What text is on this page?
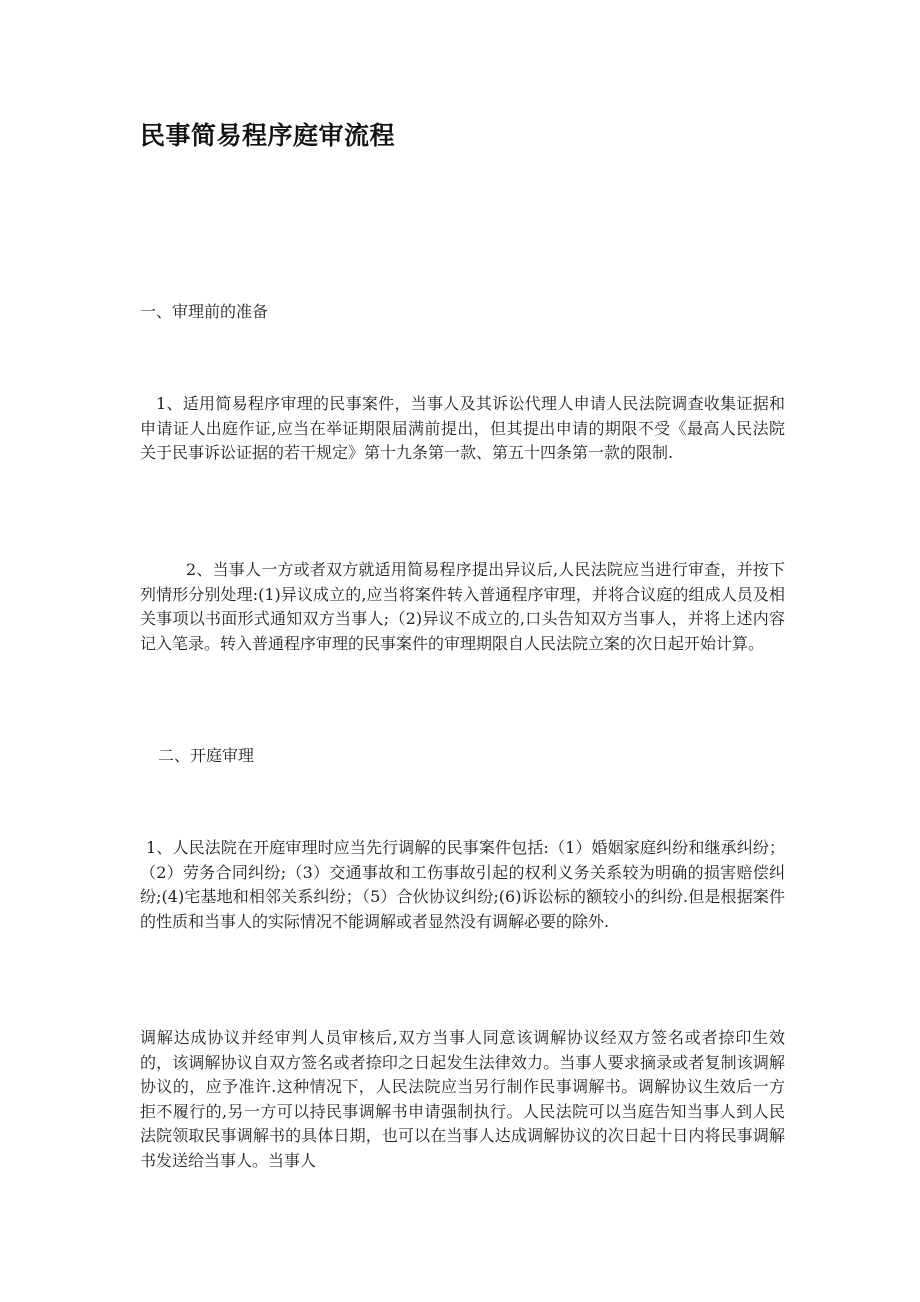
民事简易程序庭审流程

一、审理前的准备

1、适用简易程序审理的民事案件，当事人及其诉讼代理人申请人民法院调查收集证据和申请证人出庭作证,应当在举证期限届满前提出，但其提出申请的期限不受《最高人民法院关于民事诉讼证据的若干规定》第十九条第一款、第五十四条第一款的限制.

2、当事人一方或者双方就适用简易程序提出异议后,人民法院应当进行审查，并按下列情形分别处理:(1)异议成立的,应当将案件转入普通程序审理，并将合议庭的组成人员及相关事项以书面形式通知双方当事人;（2)异议不成立的,口头告知双方当事人，并将上述内容记入笔录。转入普通程序审理的民事案件的审理期限自人民法院立案的次日起开始计算。

二、开庭审理

1、人民法院在开庭审理时应当先行调解的民事案件包括:（1）婚姻家庭纠纷和继承纠纷；（2）劳务合同纠纷;（3）交通事故和工伤事故引起的权利义务关系较为明确的损害赔偿纠纷;(4)宅基地和相邻关系纠纷；（5）合伙协议纠纷;(6)诉讼标的额较小的纠纷.但是根据案件的性质和当事人的实际情况不能调解或者显然没有调解必要的除外.

调解达成协议并经审判人员审核后,双方当事人同意该调解协议经双方签名或者捺印生效的，该调解协议自双方签名或者捺印之日起发生法律效力。当事人要求摘录或者复制该调解协议的，应予准许.这种情况下，人民法院应当另行制作民事调解书。调解协议生效后一方拒不履行的,另一方可以持民事调解书申请强制执行。人民法院可以当庭告知当事人到人民法院领取民事调解书的具体日期，也可以在当事人达成调解协议的次日起十日内将民事调解书发送给当事人。当事人
